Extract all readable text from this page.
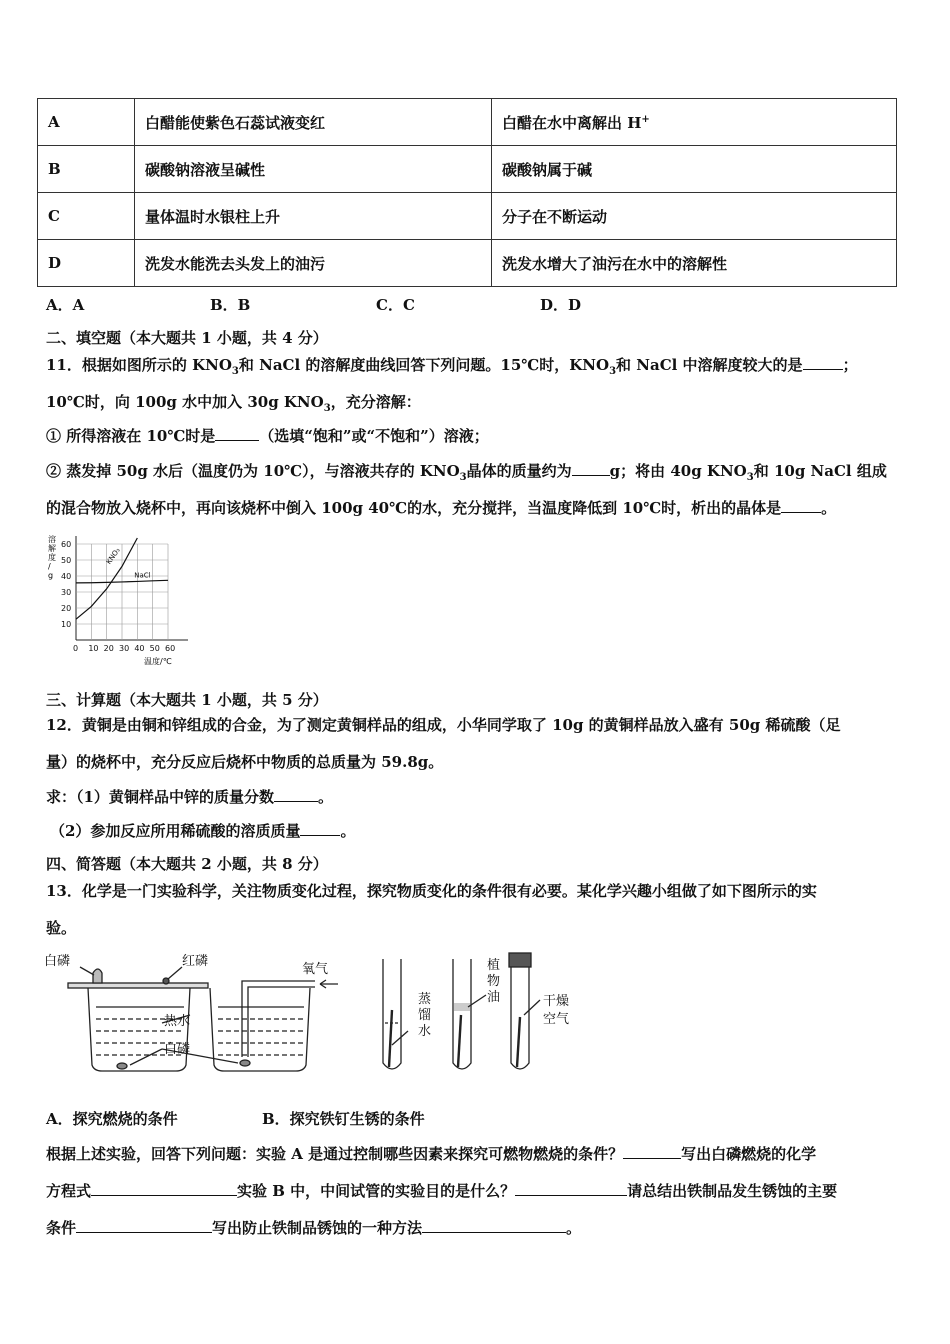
A	白醋能使紫色石蕊试液变红	白醋在水中离解出 H+
B	碳酸钠溶液呈碱性	碳酸钠属于碱
C	量体温时水银柱上升	分子在不断运动
D	洗发水能洗去头发上的油污	洗发水增大了油污在水中的溶解性
A．A	B．B	C．C	D．D
二、填空题（本大题共 1 小题，共 4 分）
11．根据如图所示的 $KNO_3$和 NaCl 的溶解度曲线回答下列问题。15℃时，$KNO_3$和 NaCl 中溶解度较大的是	；
10℃时，向 100g 水中加入 30g $KNO_3$，充分溶解：
① 所得溶液在 10℃时是	（选填“饱和”或“不饱和”）溶液；
② 蒸发掉 50g 水后（温度仍为 10℃），与溶液共存的 $KNO_3$晶体的质量约为	g；将由 40g $KNO_3$和 10g NaCl 组成
的混合物放入烧杯中，再向该烧杯中倒入 100g 40℃的水，充分搅拌，当温度降低到 10℃时，析出的晶体是	。
0 10 20 30 40 50 60
10
20
30
40
50
60
KNO₃
NaCl
溶解度/ g
温度/℃
三、计算题（本大题共 1 小题，共 5 分）
12．黄铜是由铜和锌组成的合金，为了测定黄铜样品的组成，小华同学取了 10g 的黄铜样品放入盛有 50g 稀硫酸（足
量）的烧杯中，充分反应后烧杯中物质的总质量为 59.8g。
求：（1）黄铜样品中锌的质量分数	。
（2）参加反应所用稀硫酸的溶质质量	。
四、简答题（本大题共 2 小题，共 8 分）
13．化学是一门实验科学，关注物质变化过程，探究物质变化的条件很有必要。某化学兴趣小组做了如下图所示的实
验。
白磷	红磷
氧气
热水
白磷
蒸
馏
水
植
物
油	干燥
空气
A．探究燃烧的条件	B．探究铁钉生锈的条件
根据上述实验，回答下列问题：实验 A 是通过控制哪些因素来探究可燃物燃烧的条件？	写出白磷燃烧的化学
方程式	实验 B 中，中间试管的实验目的是什么？	请总结出铁制品发生锈蚀的主要
条件	写出防止铁制品锈蚀的一种方法	。
